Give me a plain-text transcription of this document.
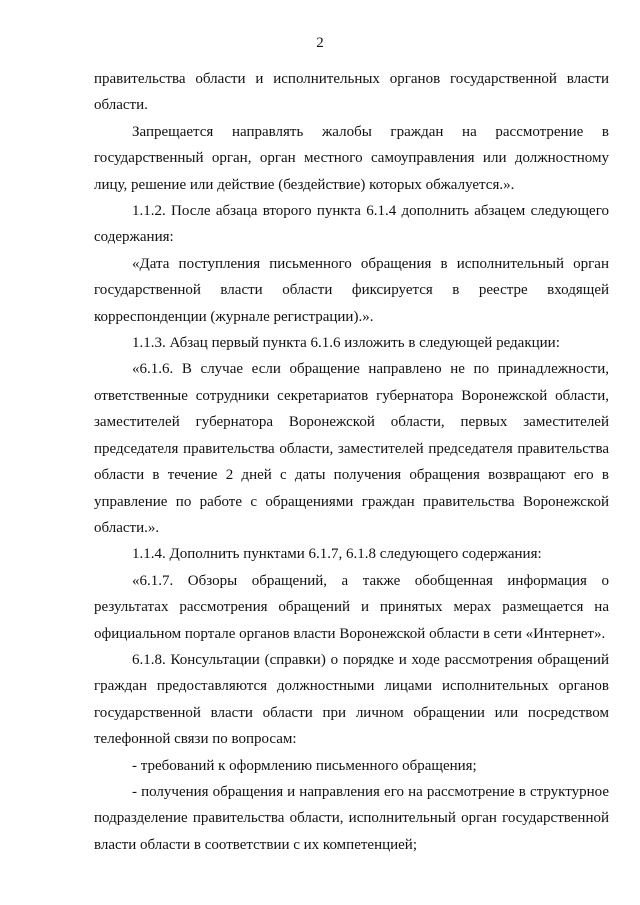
2

правительства области и исполнительных органов государственной власти области.

Запрещается направлять жалобы граждан на рассмотрение в государственный орган, орган местного самоуправления или должностному лицу, решение или действие (бездействие) которых обжалуется.».

1.1.2. После абзаца второго пункта 6.1.4 дополнить абзацем следующего содержания:

«Дата поступления письменного обращения в исполнительный орган государственной власти области фиксируется в реестре входящей корреспонденции (журнале регистрации).».

1.1.3. Абзац первый пункта 6.1.6 изложить в следующей редакции:

«6.1.6. В случае если обращение направлено не по принадлежности, ответственные сотрудники секретариатов губернатора Воронежской области, заместителей губернатора Воронежской области, первых заместителей председателя правительства области, заместителей председателя правительства области в течение 2 дней с даты получения обращения возвращают его в управление по работе с обращениями граждан правительства Воронежской области.».

1.1.4. Дополнить пунктами 6.1.7, 6.1.8 следующего содержания:

«6.1.7. Обзоры обращений, а также обобщенная информация о результатах рассмотрения обращений и принятых мерах размещается на официальном портале органов власти Воронежской области в сети «Интернет».

6.1.8. Консультации (справки) о порядке и ходе рассмотрения обращений граждан предоставляются должностными лицами исполнительных органов государственной власти области при личном обращении или посредством телефонной связи по вопросам:

- требований к оформлению письменного обращения;

- получения обращения и направления его на рассмотрение в структурное подразделение правительства области, исполнительный орган государственной власти области в соответствии с их компетенцией;
